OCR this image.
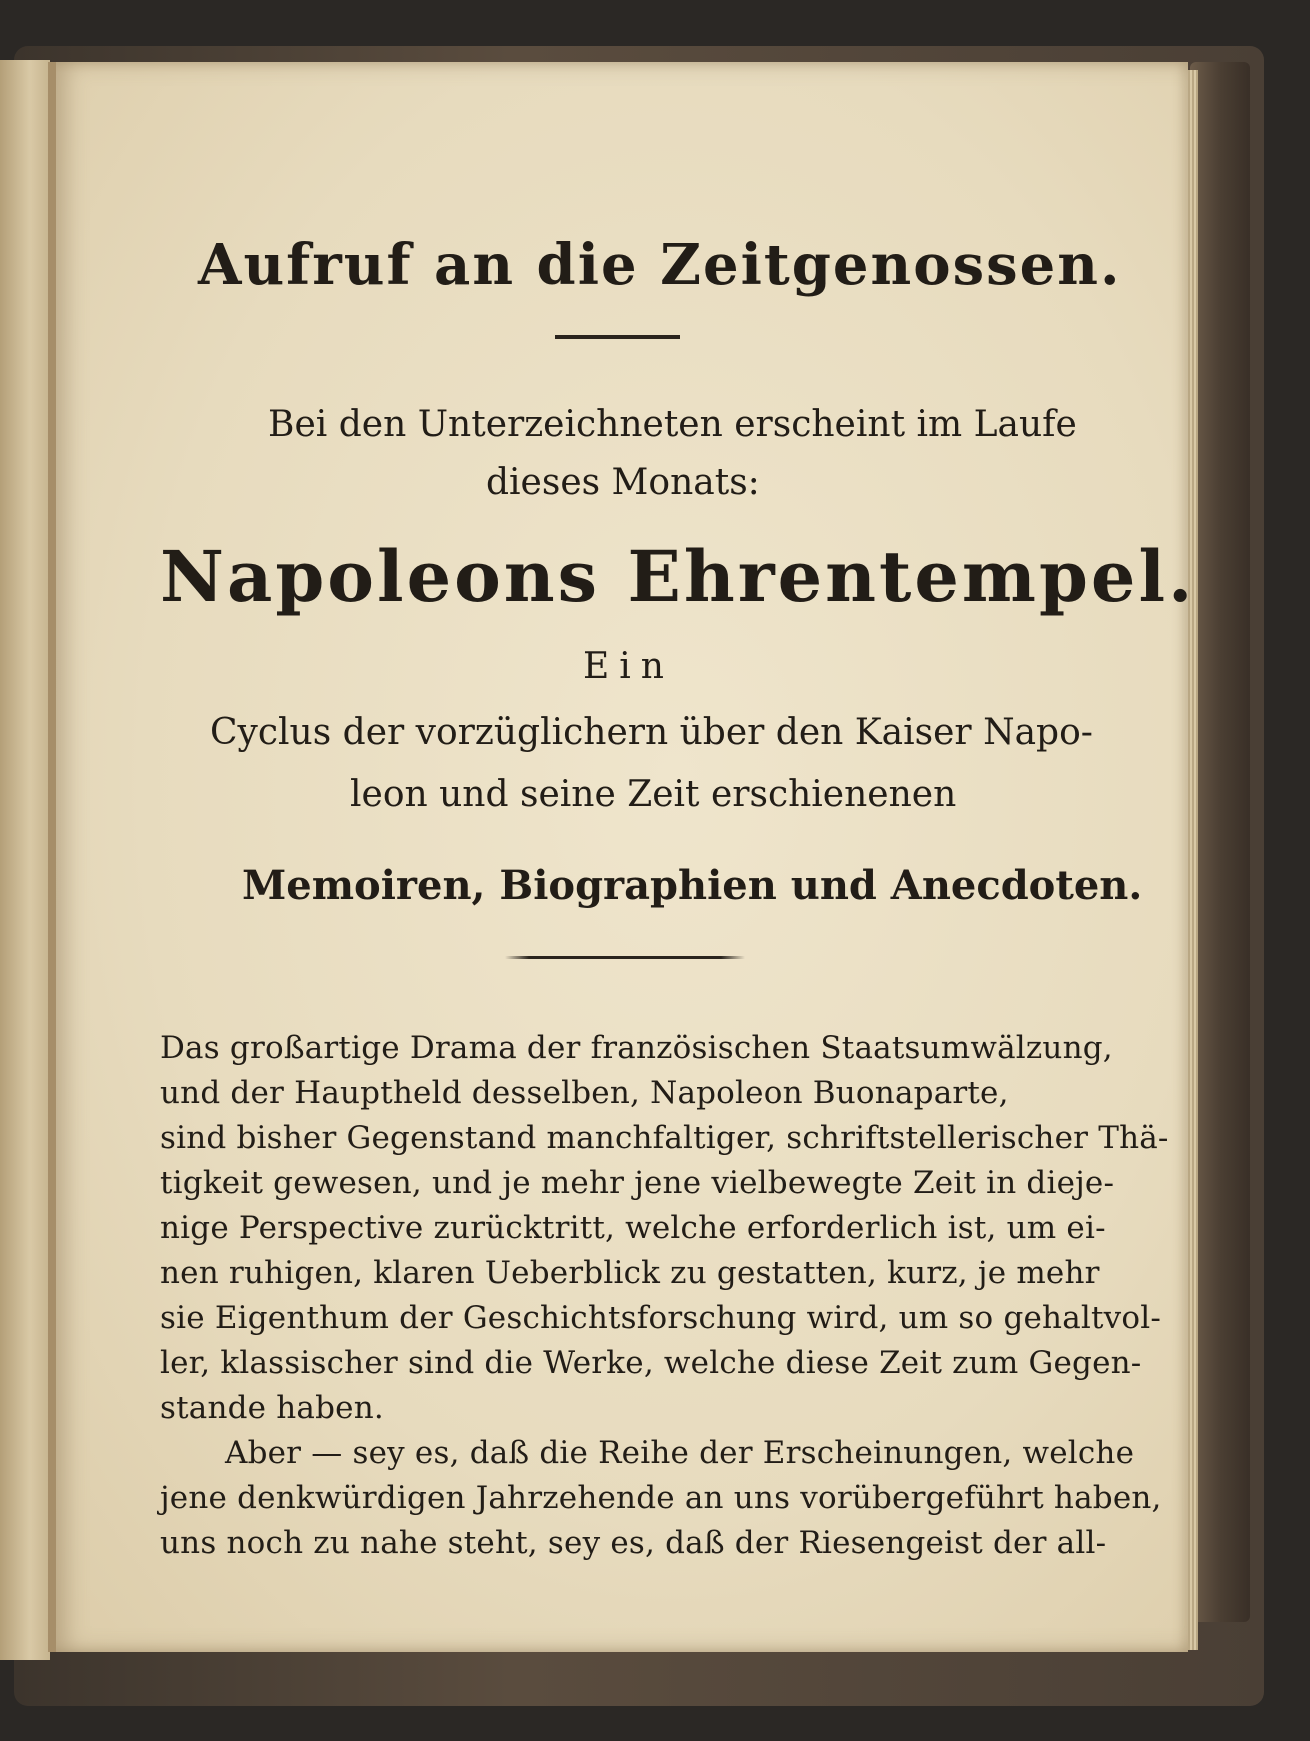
Aufruf an die Zeitgenossen.
Bei den Unterzeichneten erscheint im Laufe
dieses Monats:
Napoleons Ehrentempel.
Ein
Cyclus der vorzüglichern über den Kaiser Napo-
leon und seine Zeit erschienenen
Memoiren, Biographien und Anecdoten.
Das großartige Drama der französischen Staatsumwälzung,
und der Hauptheld desselben, Napoleon Buonaparte,
sind bisher Gegenstand manchfaltiger, schriftstellerischer Thä-
tigkeit gewesen, und je mehr jene vielbewegte Zeit in dieje-
nige Perspective zurücktritt, welche erforderlich ist, um ei-
nen ruhigen, klaren Ueberblick zu gestatten, kurz, je mehr
sie Eigenthum der Geschichtsforschung wird, um so gehaltvol-
ler, klassischer sind die Werke, welche diese Zeit zum Gegen-
stande haben.
Aber — sey es, daß die Reihe der Erscheinungen, welche
jene denkwürdigen Jahrzehende an uns vorübergeführt haben,
uns noch zu nahe steht, sey es, daß der Riesengeist der all-
